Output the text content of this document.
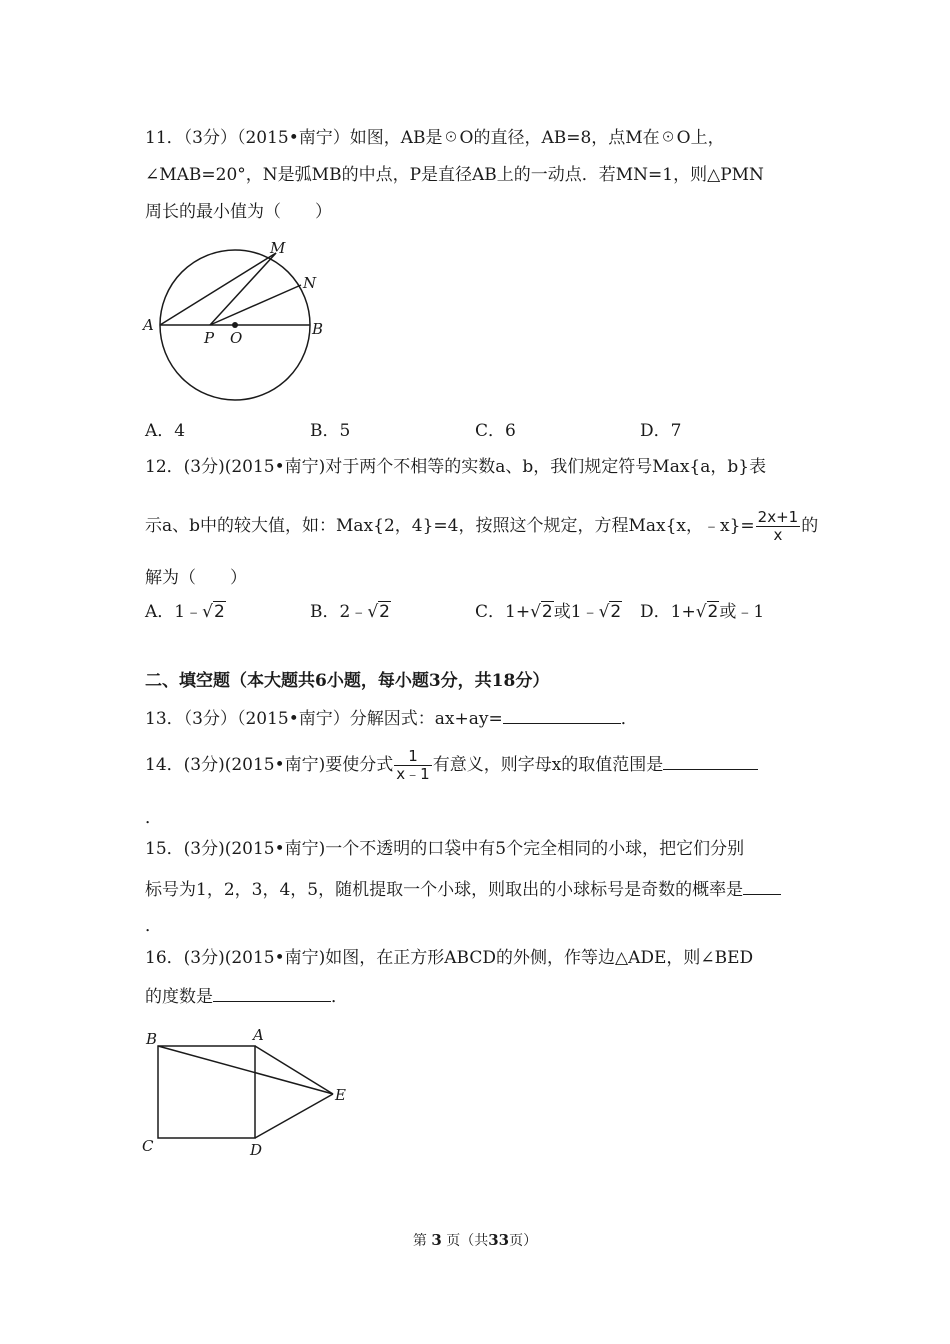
11．（3分）（2015•南宁）如图，AB是☉O的直径，AB=8，点M在☉O上，
∠MAB=20°，N是弧MB的中点，P是直径AB上的一动点．若MN=1，则△PMN
周长的最小值为（　　）
A	B
M
N
P O
A．4	B．5	C．6	D．7
12．(3分)(2015•南宁)对于两个不相等的实数a、b，我们规定符号Max{a，b}表
示a、b中的较大值，如：Max{2，4}=4，按照这个规定，方程Max{x，﹣x}= $\frac{2x+1}{x}$ 的
解为（　　）
A．1﹣√2	B．2﹣√2	C．1+√2或1﹣√2 D．1+√2或﹣1
二、填空题（本大题共6小题，每小题3分，共18分）
13．（3分）（2015•南宁）分解因式：ax+ay=	．
14．(3分)(2015•南宁)要使分式 $\frac{1}{x﹣1}$ 有意义，则字母x的取值范围是
．
15．(3分)(2015•南宁)一个不透明的口袋中有5个完全相同的小球，把它们分别
标号为1，2，3，4，5，随机提取一个小球，则取出的小球标号是奇数的概率是
．
16．(3分)(2015•南宁)如图，在正方形ABCD的外侧，作等边△ADE，则∠BED
的度数是	．
B	A
C	D
E
第 3 页（共33页）
